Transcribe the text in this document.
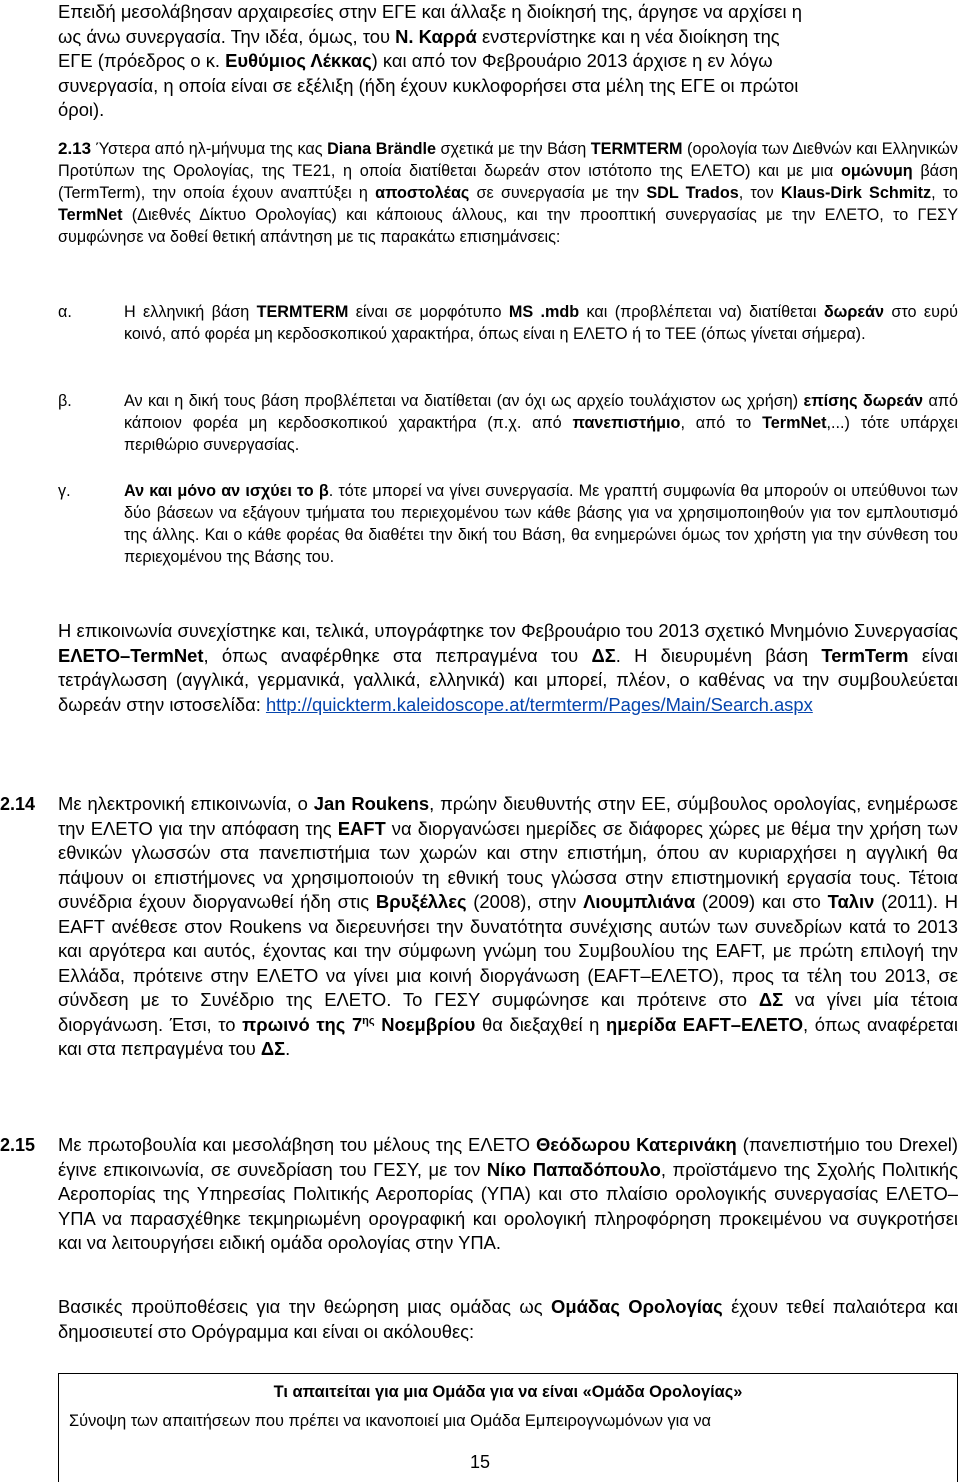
Επειδή μεσολάβησαν αρχαιρεσίες στην ΕΓΕ και άλλαξε η διοίκησή της, άργησε να αρχίσει η

ως άνω συνεργασία. Την ιδέα, όμως, του Ν. Καρρά ενστερνίστηκε και η νέα διοίκηση της

ΕΓΕ (πρόεδρος ο κ. Ευθύμιος Λέκκας) και από τον Φεβρουάριο 2013 άρχισε η εν λόγω

συνεργασία, η οποία είναι σε εξέλιξη (ήδη έχουν κυκλοφορήσει στα μέλη της ΕΓΕ οι πρώτοι

όροι).

2.13 Ύστερα από ηλ-μήνυμα της κας Diana Brändle σχετικά με την Βάση TERMTERM (ορολογία των Διεθνών και Ελληνικών Προτύπων της Ορολογίας, της ΤΕ21, η οποία διατίθεται δωρεάν στον ιστότοπο της ΕΛΕΤΟ) και με μια ομώνυμη βάση (TermTerm), την οποία έχουν αναπτύξει η αποστολέας σε συνεργασία με την SDL Trados, τον Klaus-Dirk Schmitz, το TermNet (Διεθνές Δίκτυο Ορολογίας) και κάποιους άλλους, και την προοπτική συνεργασίας με την ΕΛΕΤΟ, το ΓΕΣΥ συμφώνησε να δοθεί θετική απάντηση με τις παρακάτω επισημάνσεις:

α.	Η ελληνική βάση TERMTERM είναι σε μορφότυπο MS .mdb και (προβλέπεται να) διατίθεται δωρεάν στο ευρύ κοινό, από φορέα μη κερδοσκοπικού χαρακτήρα, όπως είναι η ΕΛΕΤΟ ή το ΤΕΕ (όπως γίνεται σήμερα).

β.	Αν και η δική τους βάση προβλέπεται να διατίθεται (αν όχι ως αρχείο τουλάχιστον ως χρήση) επίσης δωρεάν από κάποιον φορέα μη κερδοσκοπικού χαρακτήρα (π.χ. από πανεπιστήμιο, από το TermNet,...) τότε υπάρχει περιθώριο συνεργασίας.

γ.	Αν και μόνο αν ισχύει το β. τότε μπορεί να γίνει συνεργασία. Με γραπτή συμφωνία θα μπορούν οι υπεύθυνοι των δύο βάσεων να εξάγουν τμήματα του περιεχομένου των κάθε βάσης για να χρησιμοποιηθούν για τον εμπλουτισμό της άλλης. Και ο κάθε φορέας θα διαθέτει την δική του Βάση, θα ενημερώνει όμως τον χρήστη για την σύνθεση του περιεχομένου της Βάσης του.

Η επικοινωνία συνεχίστηκε και, τελικά, υπογράφτηκε τον Φεβρουάριο του 2013 σχετικό Μνημόνιο Συνεργασίας ΕΛΕΤΟ–TermNet, όπως αναφέρθηκε στα πεπραγμένα του ΔΣ. Η διευρυμένη βάση TermTerm είναι τετράγλωσση (αγγλικά, γερμανικά, γαλλικά, ελληνικά) και μπορεί, πλέον, ο καθένας να την συμβουλεύεται δωρεάν στην ιστοσελίδα: http://quickterm.kaleidoscope.at/termterm/Pages/Main/Search.aspx

2.14 Με ηλεκτρονική επικοινωνία, ο Jan Roukens, πρώην διευθυντής στην ΕΕ, σύμβουλος ορολογίας, ενημέρωσε την ΕΛΕΤΟ για την απόφαση της EAFT να διοργανώσει ημερίδες σε διάφορες χώρες με θέμα την χρήση των εθνικών γλωσσών στα πανεπιστήμια των χωρών και στην επιστήμη, όπου αν κυριαρχήσει η αγγλική θα πάψουν οι επιστήμονες να χρησιμοποιούν τη εθνική τους γλώσσα στην επιστημονική εργασία τους. Τέτοια συνέδρια έχουν διοργανωθεί ήδη στις Βρυξέλλες (2008), στην Λιουμπλιάνα (2009) και στο Ταλιν (2011). Η EAFT ανέθεσε στον Roukens να διερευνήσει την δυνατότητα συνέχισης αυτών των συνεδρίων κατά το 2013 και αργότερα και αυτός, έχοντας και την σύμφωνη γνώμη του Συμβουλίου της EAFT, με πρώτη επιλογή την Ελλάδα, πρότεινε στην ΕΛΕΤΟ να γίνει μια κοινή διοργάνωση (EAFT–ΕΛΕΤΟ), προς τα τέλη του 2013, σε σύνδεση με το Συνέδριο της ΕΛΕΤΟ. Το ΓΕΣΥ συμφώνησε και πρότεινε στο ΔΣ να γίνει μία τέτοια διοργάνωση. Έτσι, το πρωινό της $7^{\eta\varsigma}$ Νοεμβρίου θα διεξαχθεί η ημερίδα EAFT–ΕΛΕΤΟ, όπως αναφέρεται και στα πεπραγμένα του ΔΣ.

2.15 Με πρωτοβουλία και μεσολάβηση του μέλους της ΕΛΕΤΟ Θεόδωρου Κατερινάκη (πανεπιστήμιο του Drexel) έγινε επικοινωνία, σε συνεδρίαση του ΓΕΣΥ, με τον Νίκο Παπαδόπουλο, προϊστάμενο της Σχολής Πολιτικής Αεροπορίας της Υπηρεσίας Πολιτικής Αεροπορίας (ΥΠΑ) και στο πλαίσιο ορολογικής συνεργασίας ΕΛΕΤΟ–ΥΠΑ να παρασχέθηκε τεκμηριωμένη ορογραφική και ορολογική πληροφόρηση προκειμένου να συγκροτήσει και να λειτουργήσει ειδική ομάδα ορολογίας στην ΥΠΑ.

Βασικές προϋποθέσεις για την θεώρηση μιας ομάδας ως Ομάδας Ορολογίας έχουν τεθεί παλαιότερα και δημοσιευτεί στο Ορόγραμμα και είναι οι ακόλουθες:

Τι απαιτείται για μια Ομάδα για να είναι «Ομάδα Ορολογίας»
Σύνοψη των απαιτήσεων που πρέπει να ικανοποιεί μια Ομάδα Εμπειρογνωμόνων για να
15
